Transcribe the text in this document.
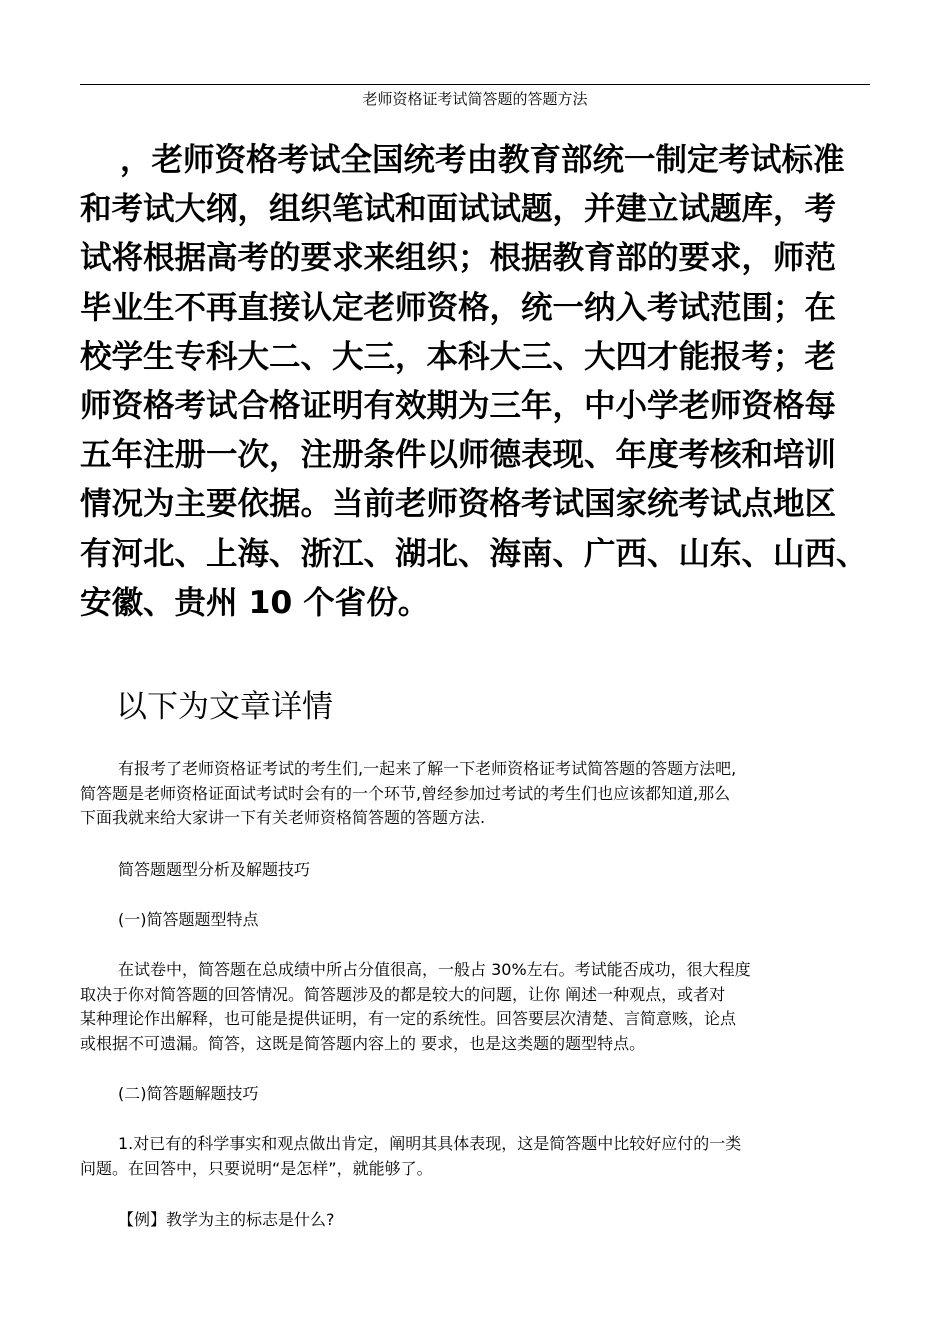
老师资格证考试简答题的答题方法

，老师资格考试全国统考由教育部统一制定考试标准
和考试大纲，组织笔试和面试试题，并建立试题库，考
试将根据高考的要求来组织；根据教育部的要求，师范
毕业生不再直接认定老师资格，统一纳入考试范围；在
校学生专科大二、大三，本科大三、大四才能报考；老
师资格考试合格证明有效期为三年，中小学老师资格每
五年注册一次，注册条件以师德表现、年度考核和培训
情况为主要依据。当前老师资格考试国家统考试点地区
有河北、上海、浙江、湖北、海南、广西、山东、山西、
安徽、贵州 10 个省份。

以下为文章详情

有报考了老师资格证考试的考生们,一起来了解一下老师资格证考试简答题的答题方法吧,
简答题是老师资格证面试考试时会有的一个环节,曾经参加过考试的考生们也应该都知道,那么
下面我就来给大家讲一下有关老师资格简答题的答题方法.

简答题题型分析及解题技巧

(一)简答题题型特点

在试卷中，简答题在总成绩中所占分值很高，一般占 30%左右。考试能否成功，很大程度
取决于你对简答题的回答情况。简答题涉及的都是较大的问题，让你 阐述一种观点，或者对
某种理论作出解释，也可能是提供证明，有一定的系统性。回答要层次清楚、言简意赅，论点
或根据不可遗漏。简答，这既是简答题内容上的 要求，也是这类题的题型特点。

(二)简答题解题技巧

1.对已有的科学事实和观点做出肯定，阐明其具体表现，这是简答题中比较好应付的一类
问题。在回答中，只要说明“是怎样”，就能够了。

【例】教学为主的标志是什么?
